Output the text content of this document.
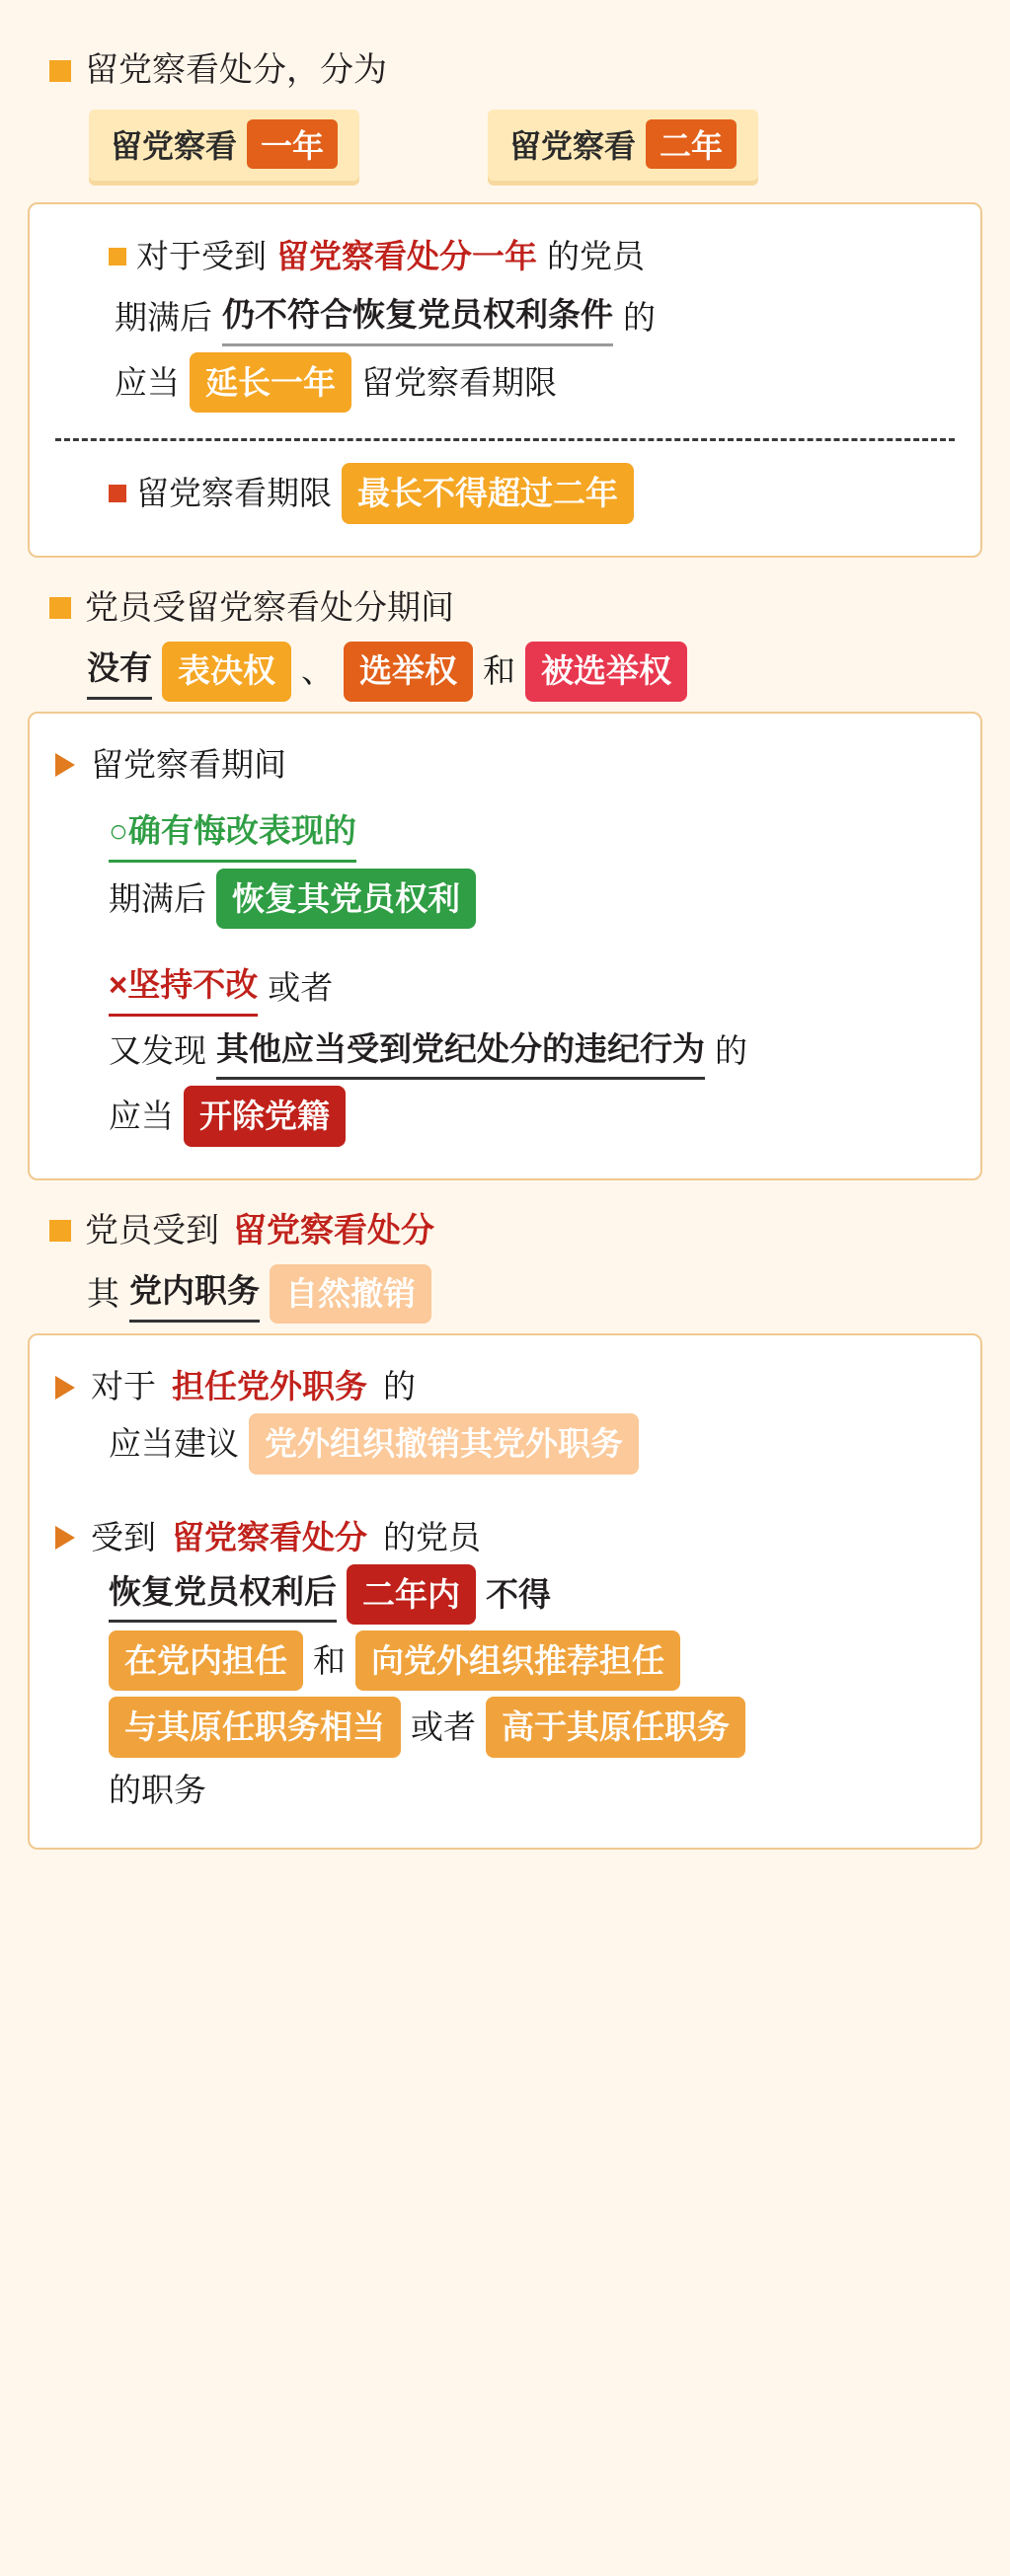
留党察看处分，分为
留党察看 一年	留党察看 二年
对于受到 留党察看处分一年 的党员
期满后 仍不符合恢复党员权利条件 的
应当 延长一年 留党察看期限
留党察看期限 最长不得超过二年
党员受留党察看处分期间
没有 表决权 、 选举权 和 被选举权
留党察看期间
○确有悔改表现的
期满后 恢复其党员权利
×坚持不改 或者
又发现 其他应当受到党纪处分的违纪行为 的
应当 开除党籍
党员受到 留党察看处分
其 党内职务 自然撤销
对于 担任党外职务 的
应当建议 党外组织撤销其党外职务
受到 留党察看处分 的党员
恢复党员权利后 二年内 不得
在党内担任 和 向党外组织推荐担任
与其原任职务相当 或者 高于其原任职务
的职务
